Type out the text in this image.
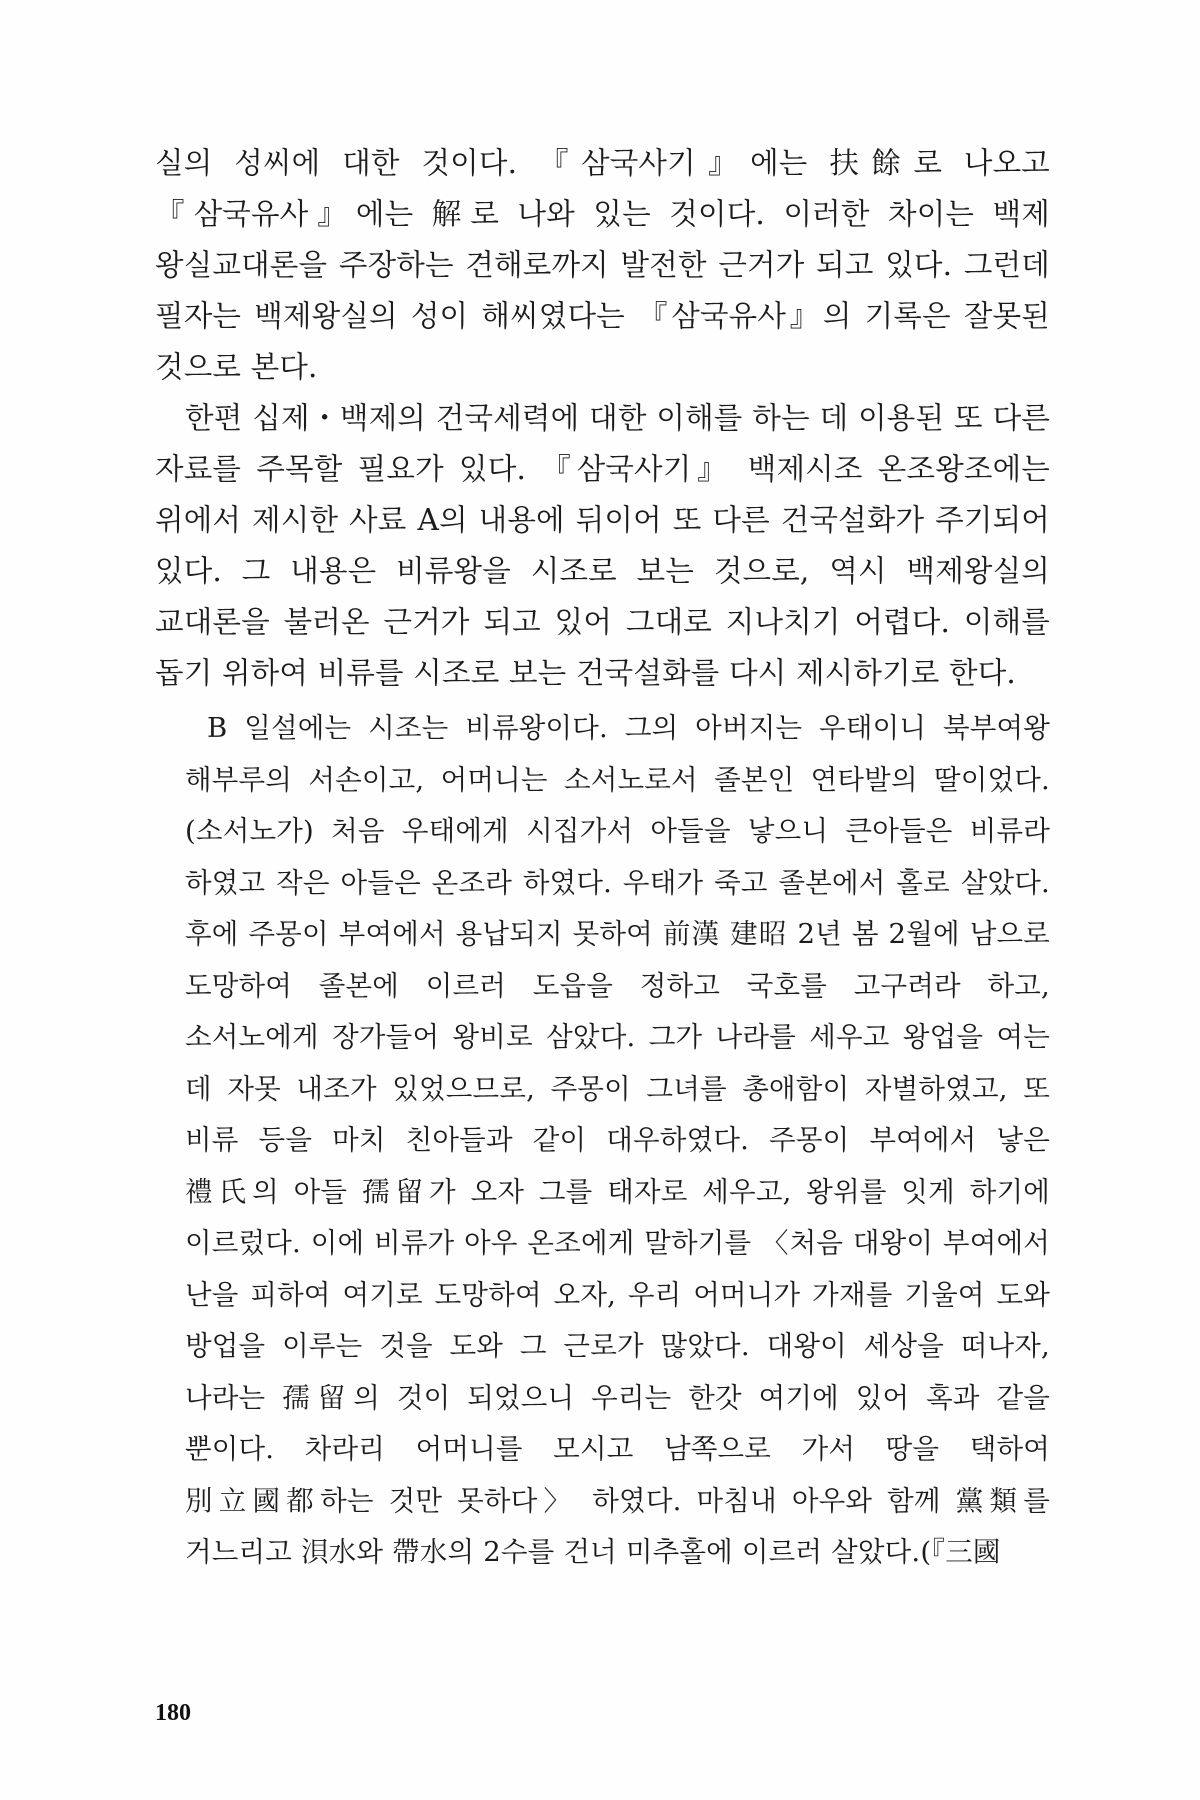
실의 성씨에 대한 것이다. 『삼국사기』에는 扶餘로 나오고 『삼국유사』에는 解로 나와 있는 것이다. 이러한 차이는 백제 왕실교대론을 주장하는 견해로까지 발전한 근거가 되고 있다. 그런데 필자는 백제왕실의 성이 해씨였다는 『삼국유사』의 기록은 잘못된 것으로 본다.

한편 십제・백제의 건국세력에 대한 이해를 하는 데 이용된 또 다른 자료를 주목할 필요가 있다. 『삼국사기』 백제시조 온조왕조에는 위에서 제시한 사료 A의 내용에 뒤이어 또 다른 건국설화가 주기되어 있다. 그 내용은 비류왕을 시조로 보는 것으로, 역시 백제왕실의 교대론을 불러온 근거가 되고 있어 그대로 지나치기 어렵다. 이해를 돕기 위하여 비류를 시조로 보는 건국설화를 다시 제시하기로 한다.

B 일설에는 시조는 비류왕이다. 그의 아버지는 우태이니 북부여왕 해부루의 서손이고, 어머니는 소서노로서 졸본인 연타발의 딸이었다. (소서노가) 처음 우태에게 시집가서 아들을 낳으니 큰아들은 비류라 하였고 작은 아들은 온조라 하였다. 우태가 죽고 졸본에서 홀로 살았다. 후에 주몽이 부여에서 용납되지 못하여 前漢 建昭 2년 봄 2월에 남으로 도망하여 졸본에 이르러 도읍을 정하고 국호를 고구려라 하고, 소서노에게 장가들어 왕비로 삼았다. 그가 나라를 세우고 왕업을 여는 데 자못 내조가 있었으므로, 주몽이 그녀를 총애함이 자별하였고, 또 비류 등을 마치 친아들과 같이 대우하였다. 주몽이 부여에서 낳은 禮氏의 아들 孺留가 오자 그를 태자로 세우고, 왕위를 잇게 하기에 이르렀다. 이에 비류가 아우 온조에게 말하기를 〈처음 대왕이 부여에서 난을 피하여 여기로 도망하여 오자, 우리 어머니가 가재를 기울여 도와 방업을 이루는 것을 도와 그 근로가 많았다. 대왕이 세상을 떠나자, 나라는 孺留의 것이 되었으니 우리는 한갓 여기에 있어 혹과 같을 뿐이다. 차라리 어머니를 모시고 남쪽으로 가서 땅을 택하여 別立國都하는 것만 못하다〉 하였다. 마침내 아우와 함께 黨類를 거느리고 浿水와 帶水의 2수를 건너 미추홀에 이르러 살았다.(『三國

180
